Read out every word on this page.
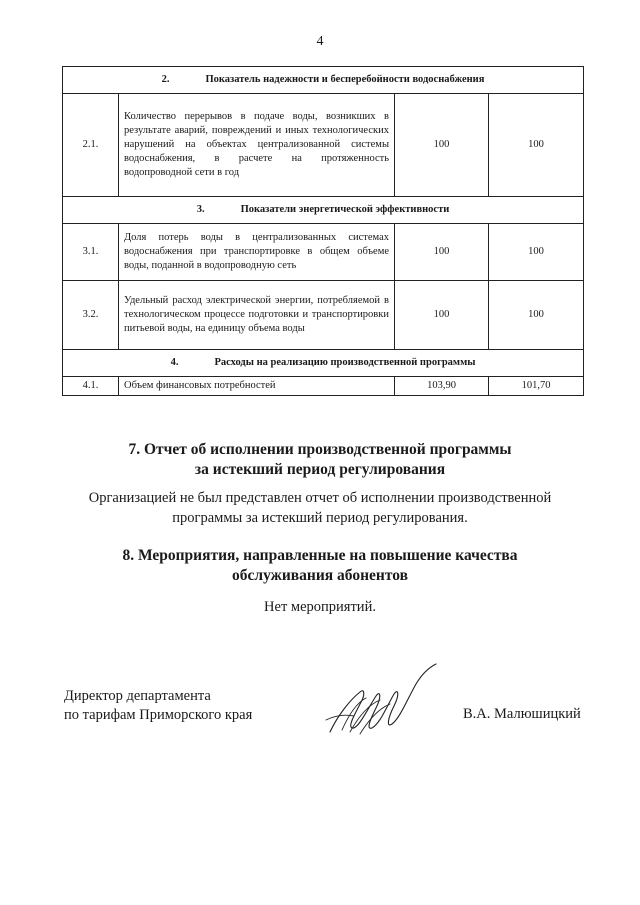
4
2. Показатель надежности и бесперебойности водоснабжения			
2.1.	Количество перерывов в подаче воды, возникших в результате аварий, повреждений и иных технологических нарушений на объектах централизованной системы водоснабжения, в расчете на протяженность водопроводной сети в год	100	100
3. Показатели энергетической эффективности			
3.1.	Доля потерь воды в централизованных системах водоснабжения при транспортировке в общем объеме воды, поданной в водопроводную сеть	100	100
3.2.	Удельный расход электрической энергии, потребляемой в технологическом процессе подготовки и транспортировки питьевой воды, на единицу объема воды	100	100
4. Расходы на реализацию производственной программы			
4.1.	Объем финансовых потребностей	103,90	101,70
7. Отчет об исполнении производственной программы
за истекший период регулирования
Организацией не был представлен отчет об исполнении производственной
программы за истекший период регулирования.
8. Мероприятия, направленные на повышение качества
обслуживания абонентов
Нет мероприятий.
Директор департамента
по тарифам Приморского края	В.А. Малюшицкий
